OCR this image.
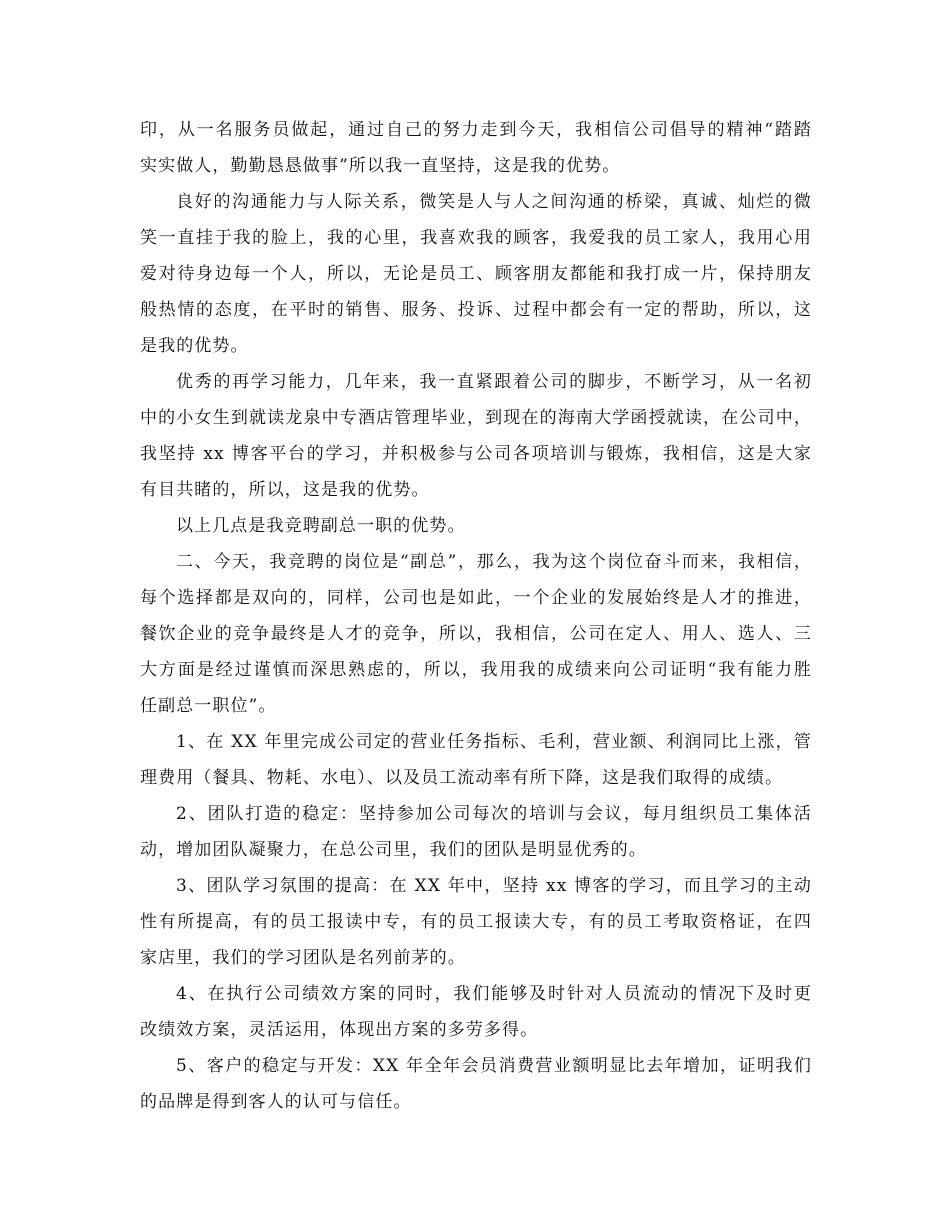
印，从一名服务员做起，通过自己的努力走到今天，我相信公司倡导的精神“踏踏
实实做人，勤勤恳恳做事”所以我一直坚持，这是我的优势。
良好的沟通能力与人际关系，微笑是人与人之间沟通的桥梁，真诚、灿烂的微
笑一直挂于我的脸上，我的心里，我喜欢我的顾客，我爱我的员工家人，我用心用
爱对待身边每一个人，所以，无论是员工、顾客朋友都能和我打成一片，保持朋友
般热情的态度，在平时的销售、服务、投诉、过程中都会有一定的帮助，所以，这
是我的优势。
优秀的再学习能力，几年来，我一直紧跟着公司的脚步，不断学习，从一名初
中的小女生到就读龙泉中专酒店管理毕业，到现在的海南大学函授就读，在公司中，
我坚持 xx 博客平台的学习，并积极参与公司各项培训与锻炼，我相信，这是大家
有目共睹的，所以，这是我的优势。
以上几点是我竞聘副总一职的优势。
二、今天，我竞聘的岗位是“副总”，那么，我为这个岗位奋斗而来，我相信，
每个选择都是双向的，同样，公司也是如此，一个企业的发展始终是人才的推进，
餐饮企业的竞争最终是人才的竞争，所以，我相信，公司在定人、用人、选人、三
大方面是经过谨慎而深思熟虑的，所以，我用我的成绩来向公司证明“我有能力胜
任副总一职位”。
1、在 XX 年里完成公司定的营业任务指标、毛利，营业额、利润同比上涨，管
理费用（餐具、物耗、水电）、以及员工流动率有所下降，这是我们取得的成绩。
2、团队打造的稳定：坚持参加公司每次的培训与会议，每月组织员工集体活
动，增加团队凝聚力，在总公司里，我们的团队是明显优秀的。
3、团队学习氛围的提高：在 XX 年中，坚持 xx 博客的学习，而且学习的主动
性有所提高，有的员工报读中专，有的员工报读大专，有的员工考取资格证，在四
家店里，我们的学习团队是名列前茅的。
4、在执行公司绩效方案的同时，我们能够及时针对人员流动的情况下及时更
改绩效方案，灵活运用，体现出方案的多劳多得。
5、客户的稳定与开发：XX 年全年会员消费营业额明显比去年增加，证明我们
的品牌是得到客人的认可与信任。
